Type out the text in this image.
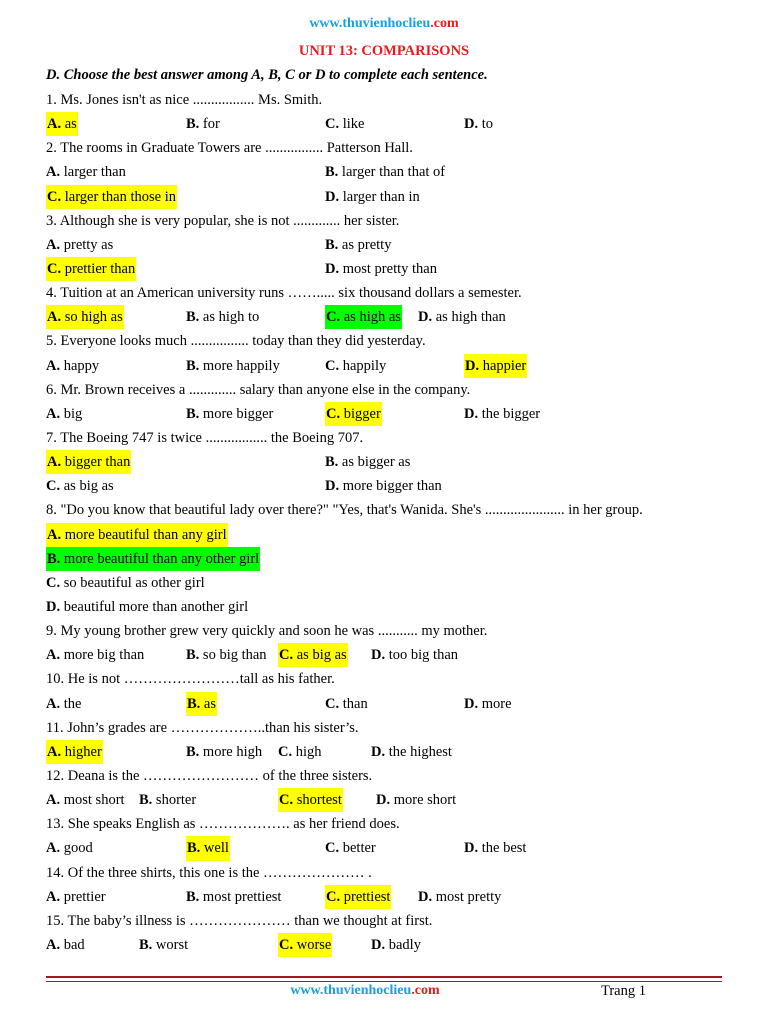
www.thuvienhoclieu.com
UNIT 13: COMPARISONS
D. Choose the best answer among A, B, C or D to complete each sentence.
1. Ms. Jones isn't as nice ................. Ms. Smith.
A. as	B. for	C. like	D. to
2. The rooms in Graduate Towers are ................ Patterson Hall.
A. larger than	B. larger than that of
C. larger than those in	D. larger than in
3. Although she is very popular, she is not ............. her sister.
A. pretty as	B. as pretty
C. prettier than	D. most pretty than
4. Tuition at an American university runs ……..... six thousand dollars a semester.
A. so high as	B. as high to	C. as high as D. as high than
5. Everyone looks much ................ today than they did yesterday.
A. happy	B. more happily	C. happily	D. happier
6. Mr. Brown receives a ............. salary than anyone else in the company.
A. big	B. more bigger	C. bigger	D. the bigger
7. The Boeing 747 is twice ................. the Boeing 707.
A. bigger than	B. as bigger as
C. as big as	D. more bigger than
8. "Do you know that beautiful lady over there?" "Yes, that's Wanida. She's ...................... in her group.
A. more beautiful than any girl
B. more beautiful than any other girl
C. so beautiful as other girl
D. beautiful more than another girl
9. My young brother grew very quickly and soon he was ........... my mother.
A. more big than	B. so big than C. as big as D. too big than
10. He is not ……………………tall as his father.
A. the	B. as	C. than	D. more
11. John’s grades are ………………..than his sister’s.
A. higher	B. more high C. high	D. the highest
12. Deana is the …………………… of the three sisters.
A. most short B. shorter	C. shortest D. more short
13. She speaks English as ………………. as her friend does.
A. good	B. well	C. better	D. the best
14. Of the three shirts, this one is the ………………… .
A. prettier	B. most prettiest	C. prettiest D. most pretty
15. The baby’s illness is ………………… than we thought at first.
A. bad	B. worst	C. worse	D. badly
www.thuvienhoclieu.com	Trang 1
